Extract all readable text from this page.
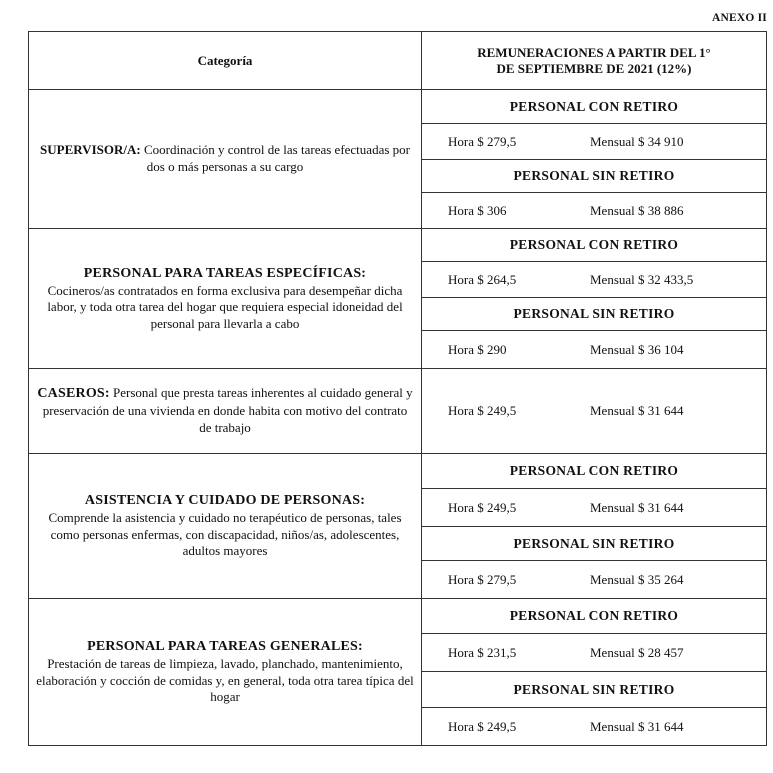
ANEXO II
Categoría	REMUNERACIONES A PARTIR DEL 1°
DE SEPTIEMBRE DE 2021 (12%)
SUPERVISOR/A: Coordinación y control de las tareas efectuadas por dos o más personas a su cargo	PERSONAL CON RETIRO

	Hora $ 279,5 Mensual $ 34 910

	PERSONAL SIN RETIRO

	Hora $ 306 Mensual $ 38 886

PERSONAL PARA TAREAS ESPECÍFICAS:
Cocineros/as contratados en forma exclusiva para desempeñar dicha labor, y toda otra tarea del hogar que requiera especial idoneidad del personal para llevarla a cabo	PERSONAL CON RETIRO

	Hora $ 264,5 Mensual $ 32 433,5

	PERSONAL SIN RETIRO

	Hora $ 290 Mensual $ 36 104

CASEROS: Personal que presta tareas inherentes al cuidado general y preservación de una vivienda en donde habita con motivo del contrato de trabajo	Hora $ 249,5 Mensual $ 31 644

ASISTENCIA Y CUIDADO DE PERSONAS:
Comprende la asistencia y cuidado no terapéutico de personas, tales como personas enfermas, con discapacidad, niños/as, adolescentes, adultos mayores	PERSONAL CON RETIRO

	Hora $ 249,5 Mensual $ 31 644

	PERSONAL SIN RETIRO

	Hora $ 279,5 Mensual $ 35 264

PERSONAL PARA TAREAS GENERALES:
Prestación de tareas de limpieza, lavado, planchado, mantenimiento, elaboración y cocción de comidas y, en general, toda otra tarea típica del hogar	PERSONAL CON RETIRO

	Hora $ 231,5 Mensual $ 28 457

	PERSONAL SIN RETIRO

	Hora $ 249,5 Mensual $ 31 644
